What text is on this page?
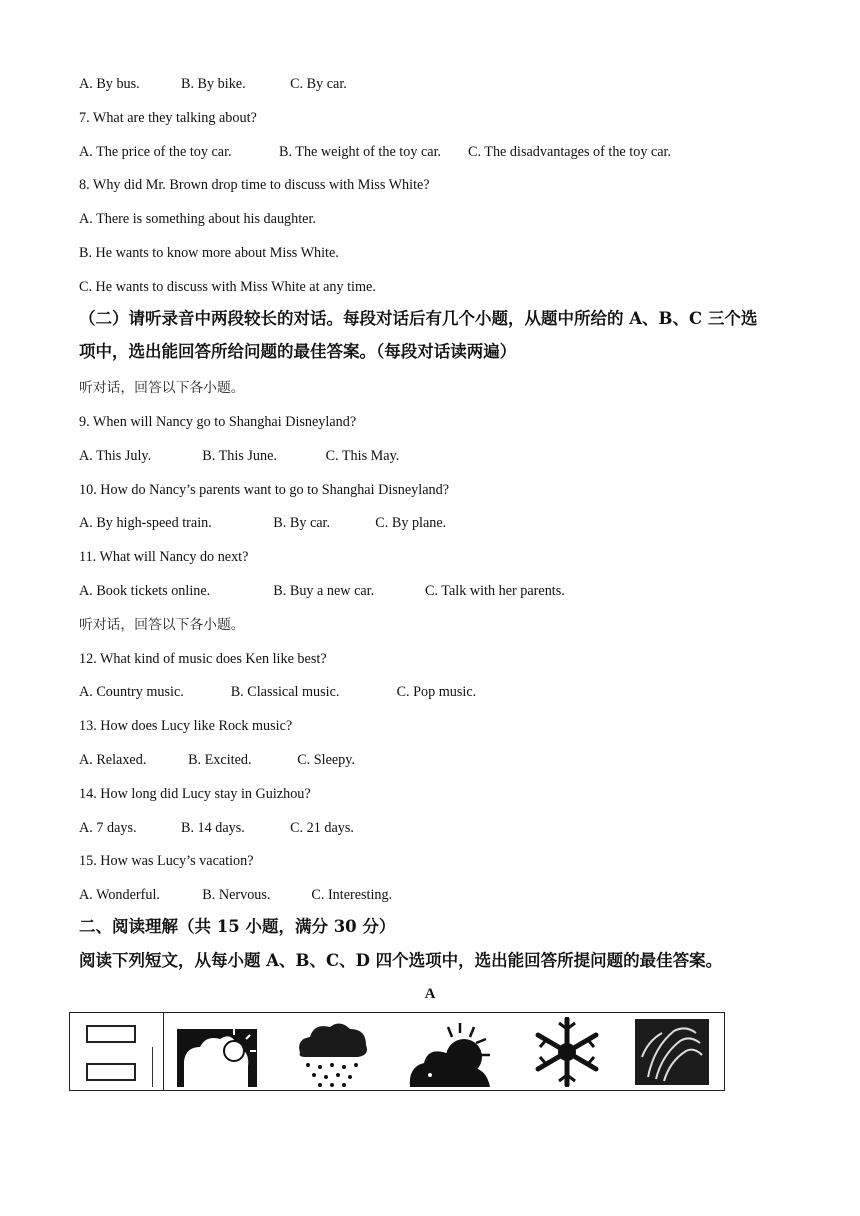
A. By bus.	B. By bike.	C. By car.
7. What are they talking about?
A. The price of the toy car.	B. The weight of the toy car. C. The disadvantages of the toy car.
8. Why did Mr. Brown drop time to discuss with Miss White?
A. There is something about his daughter.
B. He wants to know more about Miss White.
C. He wants to discuss with Miss White at any time.
（二）请听录音中两段较长的对话。每段对话后有几个小题，从题中所给的 A、B、C 三个选
项中，选出能回答所给问题的最佳答案。（每段对话读两遍）
听对话，回答以下各小题。
9. When will Nancy go to Shanghai Disneyland?
A. This July.	B. This June.	C. This May.
10. How do Nancy’s parents want to go to Shanghai Disneyland?
A. By high-speed train.	B. By car.	C. By plane.
11. What will Nancy do next?
A. Book tickets online.	B. Buy a new car.	C. Talk with her parents.
听对话，回答以下各小题。
12. What kind of music does Ken like best?
A. Country music.	B. Classical music.	C. Pop music.
13. How does Lucy like Rock music?
A. Relaxed.	B. Excited.	C. Sleepy.
14. How long did Lucy stay in Guizhou?
A. 7 days.	B. 14 days.	C. 21 days.
15. How was Lucy’s vacation?
A. Wonderful.	B. Nervous.	C. Interesting.
二、阅读理解（共 15 小题，满分 30 分）
阅读下列短文，从每小题 A、B、C、D 四个选项中，选出能回答所提问题的最佳答案。
A
